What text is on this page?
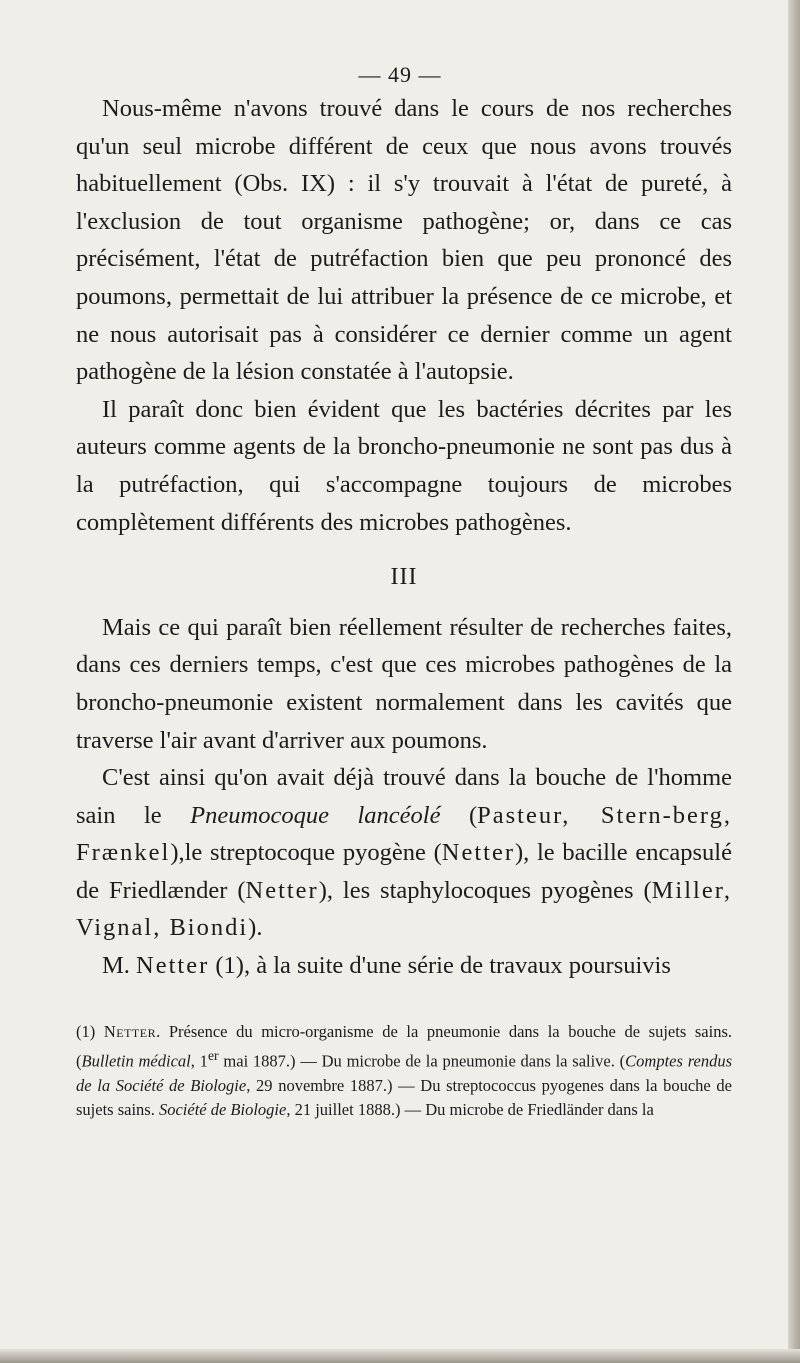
— 49 —

Nous-même n'avons trouvé dans le cours de nos recherches qu'un seul microbe différent de ceux que nous avons trouvés habituellement (Obs. IX) : il s'y trouvait à l'état de pureté, à l'exclusion de tout organisme pathogène; or, dans ce cas précisément, l'état de putréfaction bien que peu prononcé des poumons, permettait de lui attribuer la présence de ce microbe, et ne nous autorisait pas à considérer ce dernier comme un agent pathogène de la lésion constatée à l'autopsie.

Il paraît donc bien évident que les bactéries décrites par les auteurs comme agents de la broncho-pneumonie ne sont pas dus à la putréfaction, qui s'accompagne toujours de microbes complètement différents des microbes pathogènes.

III

Mais ce qui paraît bien réellement résulter de recherches faites, dans ces derniers temps, c'est que ces microbes pathogènes de la broncho-pneumonie existent normalement dans les cavités que traverse l'air avant d'arriver aux poumons.

C'est ainsi qu'on avait déjà trouvé dans la bouche de l'homme sain le Pneumocoque lancéolé (Pasteur, Stern-berg, Frænkel),le streptocoque pyogène (Netter), le bacille encapsulé de Friedlænder (Netter), les staphylocoques pyogènes (Miller, Vignal, Biondi).

M. Netter (1), à la suite d'une série de travaux poursuivis

(1) Netter. Présence du micro-organisme de la pneumonie dans la bouche de sujets sains. (Bulletin médical, 1er mai 1887.) — Du microbe de la pneumonie dans la salive. (Comptes rendus de la Société de Biologie, 29 novembre 1887.) — Du streptococcus pyogenes dans la bouche de sujets sains. Société de Biologie, 21 juillet 1888.) — Du microbe de Friedländer dans la
